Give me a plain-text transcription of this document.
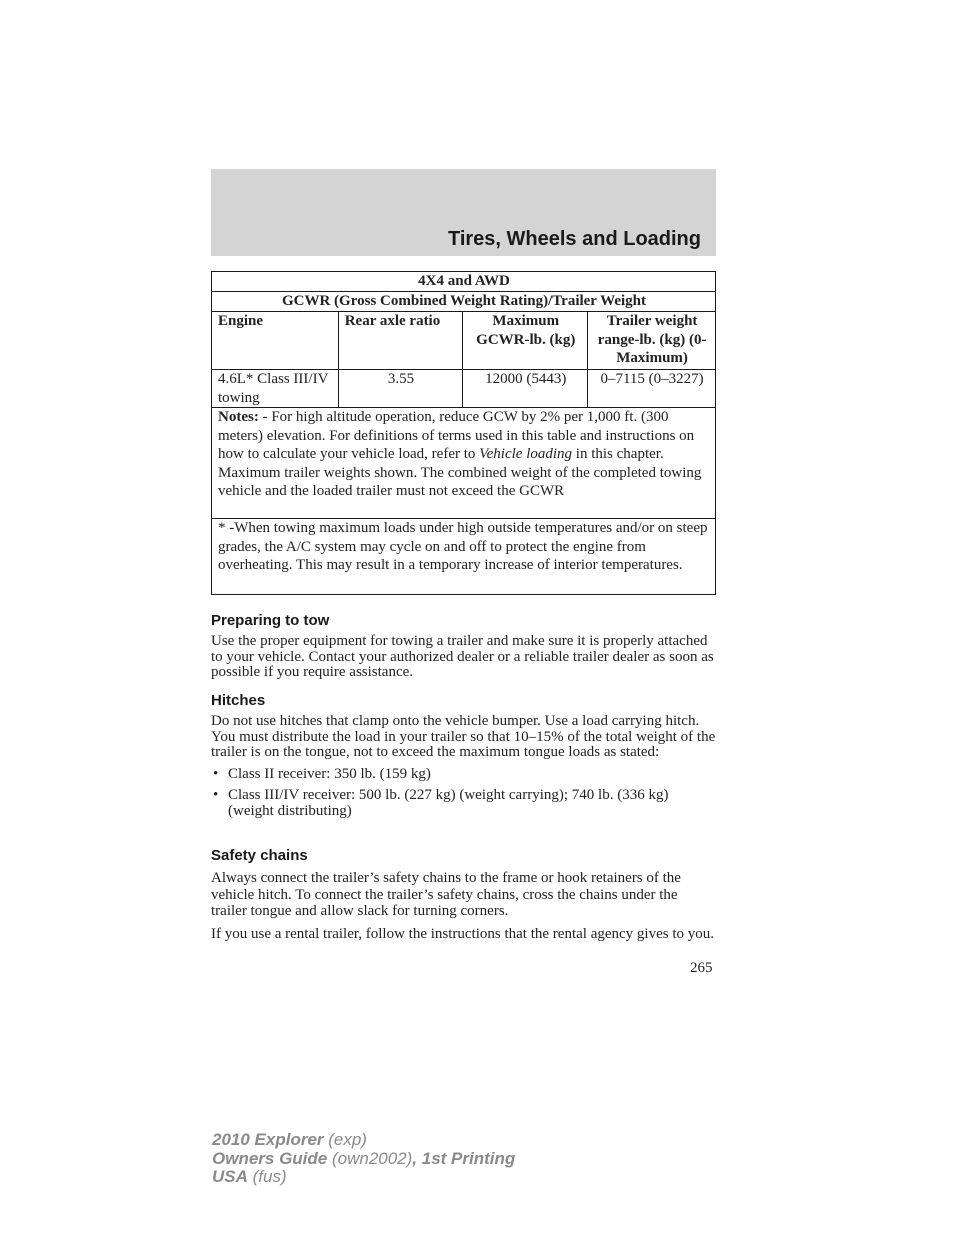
Tires, Wheels and Loading
4X4 and AWD			
GCWR (Gross Combined Weight Rating)/Trailer Weight			
Engine	Rear axle ratio	Maximum GCWR-lb. (kg)	Trailer weight range-lb. (kg) (0-Maximum)
4.6L* Class III/IV towing	3.55	12000 (5443)	0–7115 (0–3227)
Notes: - For high altitude operation, reduce GCW by 2% per 1,000 ft. (300 meters) elevation. For definitions of terms used in this table and instructions on how to calculate your vehicle load, refer to Vehicle loading in this chapter. Maximum trailer weights shown. The combined weight of the completed towing vehicle and the loaded trailer must not exceed the GCWR			
* -When towing maximum loads under high outside temperatures and/or on steep grades, the A/C system may cycle on and off to protect the engine from overheating. This may result in a temporary increase of interior temperatures.			
Preparing to tow

Use the proper equipment for towing a trailer and make sure it is properly attached to your vehicle. Contact your authorized dealer or a reliable trailer dealer as soon as possible if you require assistance.

Hitches

Do not use hitches that clamp onto the vehicle bumper. Use a load carrying hitch. You must distribute the load in your trailer so that 10–15% of the total weight of the trailer is on the tongue, not to exceed the maximum tongue loads as stated:

• Class II receiver: 350 lb. (159 kg)
• Class III/IV receiver: 500 lb. (227 kg) (weight carrying); 740 lb. (336 kg) (weight distributing)
Safety chains

Always connect the trailer’s safety chains to the frame or hook retainers of the vehicle hitch. To connect the trailer’s safety chains, cross the chains under the trailer tongue and allow slack for turning corners.

If you use a rental trailer, follow the instructions that the rental agency gives to you.

265
2010 Explorer (exp)
Owners Guide (own2002), 1st Printing
USA (fus)
